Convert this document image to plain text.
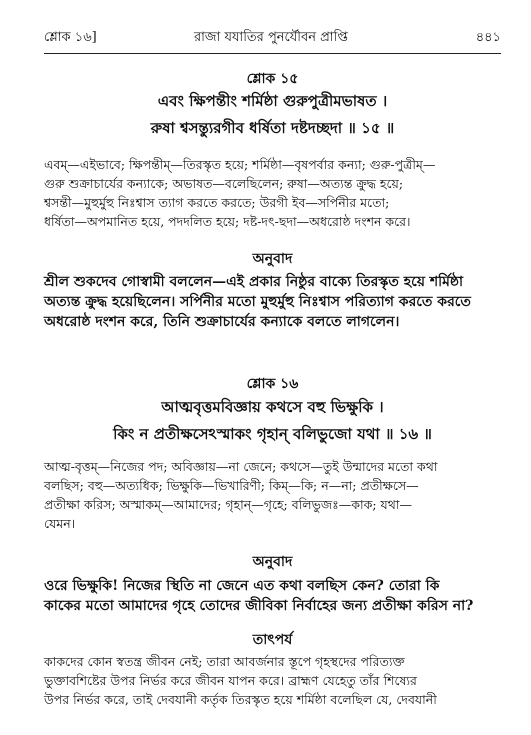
শ্লোক ১৬]	রাজা যযাতির পুনর্যৌবন প্রাপ্তি	৪৪১
শ্লোক ১৫
এবং ক্ষিপন্তীং শর্মিষ্ঠা গুরুপুত্রীমভাষত ।
রুষা শ্বসন্ত্যুরগীব ধর্ষিতা দষ্টদচ্ছদা ॥ ১৫ ॥
এবম্—এইভাবে; ক্ষিপন্তীম্—তিরস্কৃত হয়ে; শর্মিষ্ঠা—বৃষপর্বার কন্যা; গুরু-পুত্রীম্—
গুরু শুক্রাচার্যের কন্যাকে; অভাষত—বলেছিলেন; রুষা—অত্যন্ত ক্রুদ্ধ হয়ে;
শ্বসন্তী—মুহুর্মুহু নিঃশ্বাস ত্যাগ করতে করতে; উরগী ইব—সর্পিনীর মতো;
ধর্ষিতা—অপমানিত হয়ে, পদদলিত হয়ে; দষ্ট-দৎ-ছদা—অধরোষ্ঠ দংশন করে।
অনুবাদ
শ্রীল শুকদেব গোস্বামী বললেন—এই প্রকার নিষ্ঠুর বাক্যে তিরস্কৃত হয়ে শর্মিষ্ঠা
অত্যন্ত ক্রুদ্ধ হয়েছিলেন। সর্পিনীর মতো মুহুর্মুহু নিঃশ্বাস পরিত্যাগ করতে করতে
অধরোষ্ঠ দংশন করে, তিনি শুক্রাচার্যের কন্যাকে বলতে লাগলেন।
শ্লোক ১৬
আত্মবৃত্তমবিজ্ঞায় কথসে বহু ভিক্ষুকি ।
কিং ন প্রতীক্ষসেঽস্মাকং গৃহান্ বলিভুজো যথা ॥ ১৬ ॥
আত্ম-বৃত্তম্—নিজের পদ; অবিজ্ঞায়—না জেনে; কথসে—তুই উন্মাদের মতো কথা
বলছিস; বহু—অত্যধিক; ভিক্ষুকি—ভিখারিণী; কিম্—কি; ন—না; প্রতীক্ষসে—
প্রতীক্ষা করিস; অস্মাকম্—আমাদের; গৃহান্—গৃহে; বলিভুজঃ—কাক; যথা—
যেমন।
অনুবাদ
ওরে ভিক্ষুকি! নিজের স্থিতি না জেনে এত কথা বলছিস কেন? তোরা কি
কাকের মতো আমাদের গৃহে তোদের জীবিকা নির্বাহের জন্য প্রতীক্ষা করিস না?
তাৎপর্য
কাকদের কোন স্বতন্ত্র জীবন নেই; তারা আবর্জনার স্তূপে গৃহস্থদের পরিত্যক্ত
ভুক্তাবশিষ্টের উপর নির্ভর করে জীবন যাপন করে। ব্রাহ্মণ যেহেতু তাঁর শিষ্যের
উপর নির্ভর করে, তাই দেবযানী কর্তৃক তিরস্কৃত হয়ে শর্মিষ্ঠা বলেছিল যে, দেবযানী
